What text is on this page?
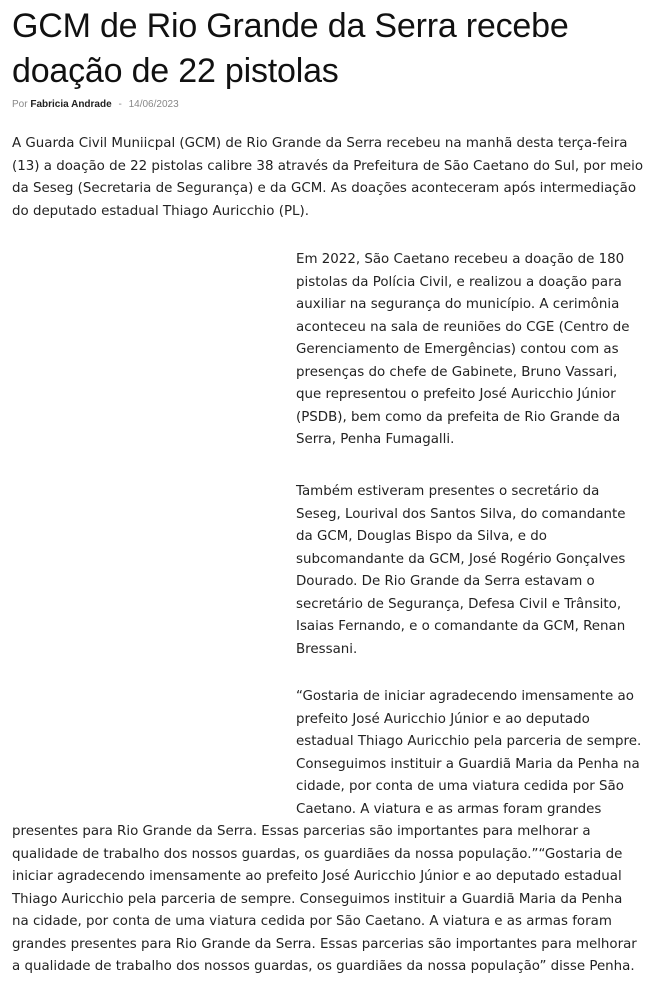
GCM de Rio Grande da Serra recebe doação de 22 pistolas
Por Fabricia Andrade - 14/06/2023

A Guarda Civil Muniicpal (GCM) de Rio Grande da Serra recebeu na manhã desta terça-feira (13) a doação de 22 pistolas calibre 38 através da Prefeitura de São Caetano do Sul, por meio da Seseg (Secretaria de Segurança) e da GCM. As doações aconteceram após intermediação do deputado estadual Thiago Auricchio (PL).

Em 2022, São Caetano recebeu a doação de 180 pistolas da Polícia Civil, e realizou a doação para auxiliar na segurança do município. A cerimônia aconteceu na sala de reuniões do CGE (Centro de Gerenciamento de Emergências) contou com as presenças do chefe de Gabinete, Bruno Vassari, que representou o prefeito José Auricchio Júnior (PSDB), bem como da prefeita de Rio Grande da Serra, Penha Fumagalli.

Também estiveram presentes o secretário da Seseg, Lourival dos Santos Silva, do comandante da GCM, Douglas Bispo da Silva, e do subcomandante da GCM, José Rogério Gonçalves Dourado. De Rio Grande da Serra estavam o secretário de Segurança, Defesa Civil e Trânsito, Isaias Fernando, e o comandante da GCM, Renan Bressani.

“Gostaria de iniciar agradecendo imensamente ao prefeito José Auricchio Júnior e ao deputado estadual Thiago Auricchio pela parceria de sempre. Conseguimos instituir a Guardiã Maria da Penha na cidade, por conta de uma viatura cedida por São Caetano. A viatura e as armas foram grandes presentes para Rio Grande da Serra. Essas parcerias são importantes para melhorar a qualidade de trabalho dos nossos guardas, os guardiães da nossa população.”“Gostaria de iniciar agradecendo imensamente ao prefeito José Auricchio Júnior e ao deputado estadual Thiago Auricchio pela parceria de sempre. Conseguimos instituir a Guardiã Maria da Penha na cidade, por conta de uma viatura cedida por São Caetano. A viatura e as armas foram grandes presentes para Rio Grande da Serra. Essas parcerias são importantes para melhorar a qualidade de trabalho dos nossos guardas, os guardiães da nossa população” disse Penha.
